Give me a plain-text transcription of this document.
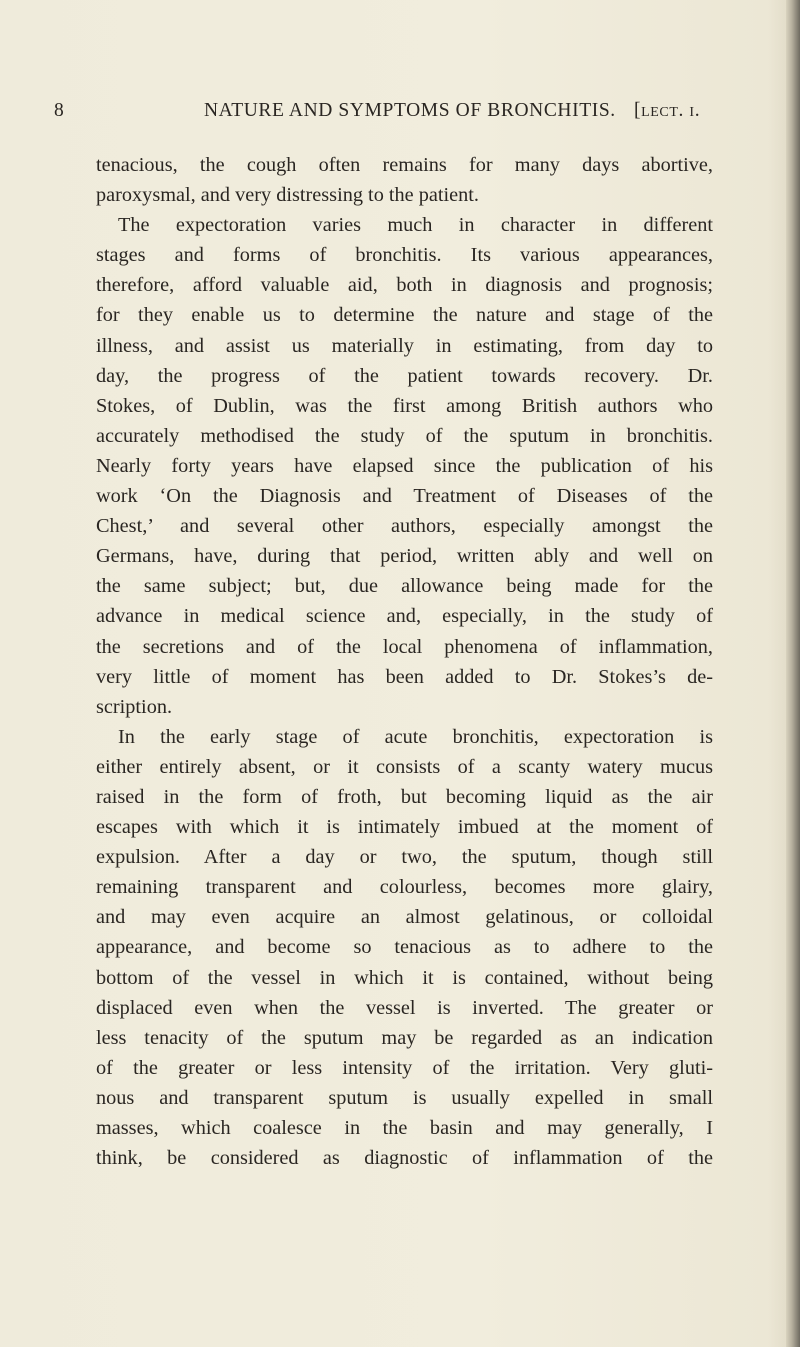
8	NATURE AND SYMPTOMS OF BRONCHITIS. [lect. i.
tenacious, the cough often remains for many days abortive,
paroxysmal, and very distressing to the patient.
The expectoration varies much in character in different
stages and forms of bronchitis. Its various appearances,
therefore, afford valuable aid, both in diagnosis and prognosis;
for they enable us to determine the nature and stage of the
illness, and assist us materially in estimating, from day to
day, the progress of the patient towards recovery. Dr.
Stokes, of Dublin, was the first among British authors who
accurately methodised the study of the sputum in bronchitis.
Nearly forty years have elapsed since the publication of his
work ‘On the Diagnosis and Treatment of Diseases of the
Chest,’ and several other authors, especially amongst the
Germans, have, during that period, written ably and well on
the same subject; but, due allowance being made for the
advance in medical science and, especially, in the study of
the secretions and of the local phenomena of inflammation,
very little of moment has been added to Dr. Stokes’s de-
scription.
In the early stage of acute bronchitis, expectoration is
either entirely absent, or it consists of a scanty watery mucus
raised in the form of froth, but becoming liquid as the air
escapes with which it is intimately imbued at the moment of
expulsion. After a day or two, the sputum, though still
remaining transparent and colourless, becomes more glairy,
and may even acquire an almost gelatinous, or colloidal
appearance, and become so tenacious as to adhere to the
bottom of the vessel in which it is contained, without being
displaced even when the vessel is inverted. The greater or
less tenacity of the sputum may be regarded as an indication
of the greater or less intensity of the irritation. Very gluti-
nous and transparent sputum is usually expelled in small
masses, which coalesce in the basin and may generally, I
think, be considered as diagnostic of inflammation of the
